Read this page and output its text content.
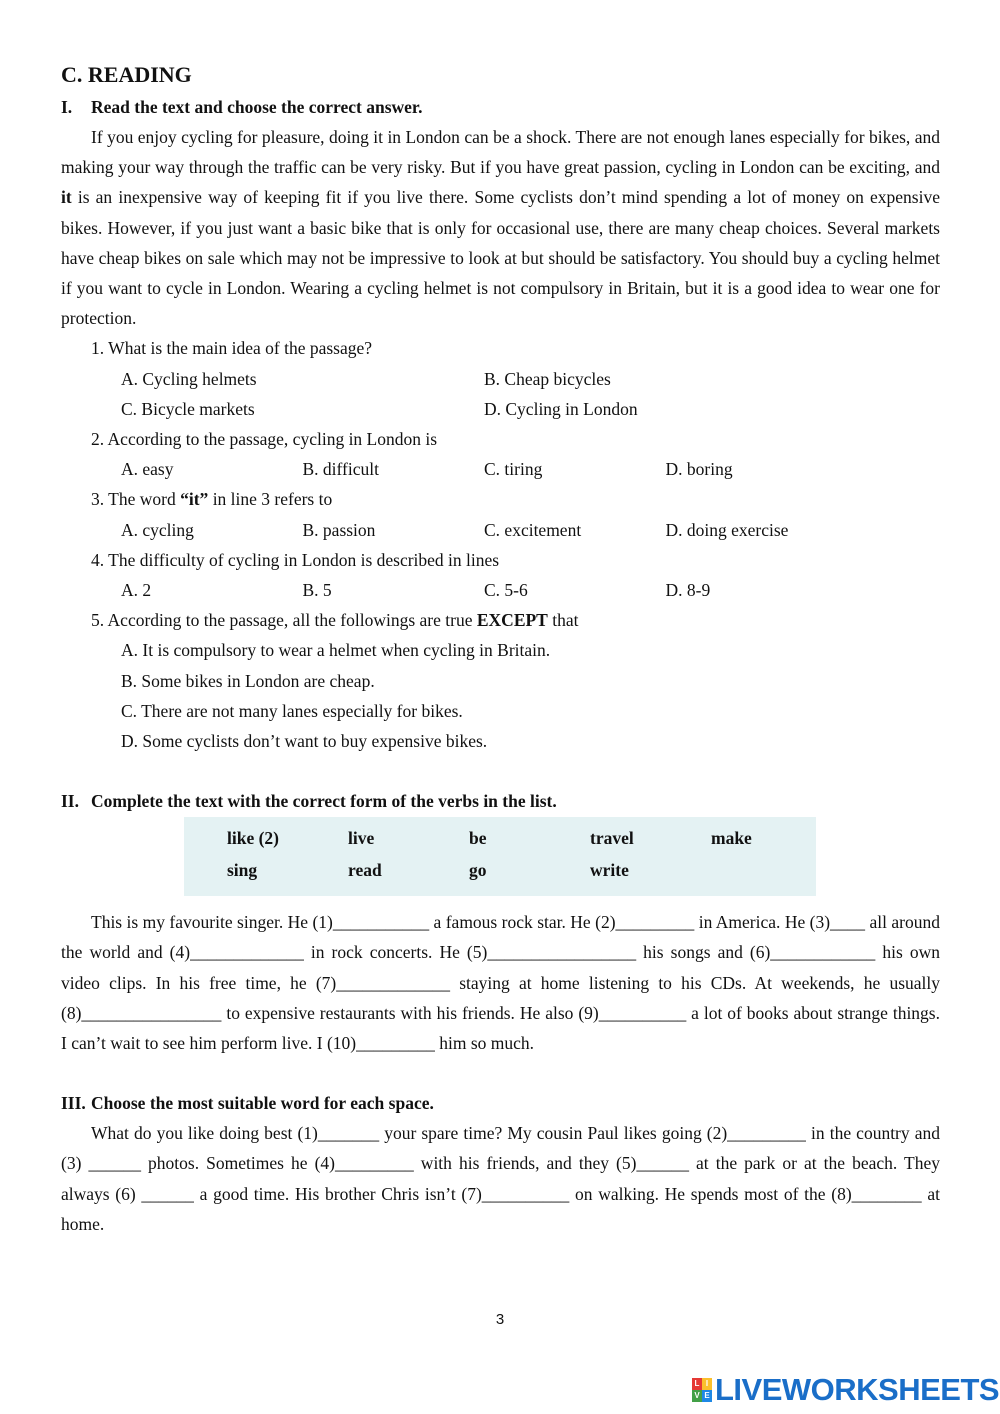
C. READING
I.	Read the text and choose the correct answer.

If you enjoy cycling for pleasure, doing it in London can be a shock. There are not enough lanes especially for bikes, and making your way through the traffic can be very risky. But if you have great passion, cycling in London can be exciting, and it is an inexpensive way of keeping fit if you live there. Some cyclists don’t mind spending a lot of money on expensive bikes. However, if you just want a basic bike that is only for occasional use, there are many cheap choices. Several markets have cheap bikes on sale which may not be impressive to look at but should be satisfactory. You should buy a cycling helmet if you want to cycle in London. Wearing a cycling helmet is not compulsory in Britain, but it is a good idea to wear one for protection.

1. What is the main idea of the passage?
A. Cycling helmets	B. Cheap bicycles
C. Bicycle markets	D. Cycling in London
2. According to the passage, cycling in London is
A. easy	B. difficult	C. tiring	D. boring
3. The word “it” in line 3 refers to
A. cycling	B. passion	C. excitement	D. doing exercise
4. The difficulty of cycling in London is described in lines
A. 2	B. 5	C. 5-6	D. 8-9
5. According to the passage, all the followings are true EXCEPT that
A. It is compulsory to wear a helmet when cycling in Britain.
B. Some bikes in London are cheap.
C. There are not many lanes especially for bikes.
D. Some cyclists don’t want to buy expensive bikes.
II. Complete the text with the correct form of the verbs in the list.

This is my favourite singer. He (1)___________ a famous rock star. He (2)_________ in America. He (3)____ all around the world and (4)_____________ in rock concerts. He (5)_________________ his songs and (6)____________ his own video clips. In his free time, he (7)_____________ staying at home listening to his CDs. At weekends, he usually (8)________________ to expensive restaurants with his friends. He also (9)__________ a lot of books about strange things. I can’t wait to see him perform live. I (10)_________ him so much.

III. Choose the most suitable word for each space.

What do you like doing best (1)_______ your spare time? My cousin Paul likes going (2)_________ in the country and (3) ______ photos. Sometimes he (4)_________ with his friends, and they (5)______ at the park or at the beach. They always (6) ______ a good time. His brother Chris isn’t (7)__________ on walking. He spends most of the (8)________ at home.

like (2)	live	be	travel	make
sing	read	go	write
3
L I
V E LIVEWORKSHEETS
